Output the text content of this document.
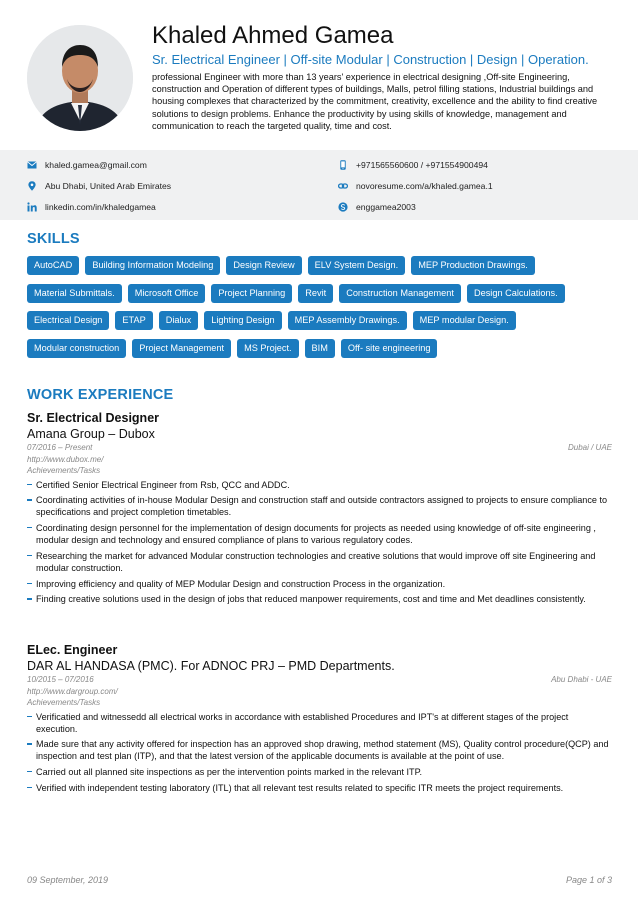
Khaled Ahmed Gamea

Sr. Electrical Engineer | Off-site Modular | Construction | Design | Operation.

professional Engineer with more than 13 years' experience in electrical designing ,Off-site Engineering, construction and Operation of different types of buildings, Malls, petrol filling stations, Industrial buildings and housing complexes that characterized by the commitment, creativity, excellence and the ability to find creative solutions to design problems. Enhance the productivity by using skills of knowledge, management and communication to reach the targeted quality, time and cost.

khaled.gamea@gmail.com	+971565560600 / +971554900494
Abu Dhabi, United Arab Emirates	novoresume.com/a/khaled.gamea.1
linkedin.com/in/khaledgamea	enggamea2003
SKILLS
AutoCAD	Building Information Modeling	Design Review	ELV System Design.	MEP Production Drawings.
Material Submittals.	Microsoft Office	Project Planning	Revit	Construction Management	Design Calculations.
Electrical Design	ETAP	Dialux	Lighting Design	MEP Assembly Drawings.	MEP modular Design.
Modular construction	Project Management	MS Project.	BIM	Off- site engineering
WORK EXPERIENCE

Sr. Electrical Designer

Amana Group – Dubox

07/2016 – Present	Dubai / UAE
http://www.dubox.me/
Achievements/Tasks
Certified Senior Electrical Engineer from Rsb, QCC and ADDC.
Coordinating activities of in-house Modular Design and construction staff and outside contractors assigned to projects to ensure compliance to specifications and project completion timetables.
Coordinating design personnel for the implementation of design documents for projects as needed using knowledge of off-site engineering , modular design and technology and ensured compliance of plans to various regulatory codes.
Researching the market for advanced Modular construction technologies and creative solutions that would improve off site Engineering and modular construction.
Improving efficiency and quality of MEP Modular Design and construction Process in the organization.
Finding creative solutions used in the design of jobs that reduced manpower requirements, cost and time and Met deadlines consistently.

ELec. Engineer

DAR AL HANDASA (PMC). For ADNOC PRJ – PMD Departments.

10/2015 – 07/2016	Abu Dhabi - UAE
http://www.dargroup.com/
Achievements/Tasks
Verificatied and witnessedd all electrical works in accordance with established Procedures and IPT's at different stages of the project execution.
Made sure that any activity offered for inspection has an approved shop drawing, method statement (MS), Quality control procedure(QCP) and inspection and test plan (ITP), and that the latest version of the applicable documents is available at the point of use.
Carried out all planned site inspections as per the intervention points marked in the relevant ITP.
Verified with independent testing laboratory (ITL) that all relevant test results related to specific ITR meets the project requirements.
09 September, 2019	Page 1 of 3
